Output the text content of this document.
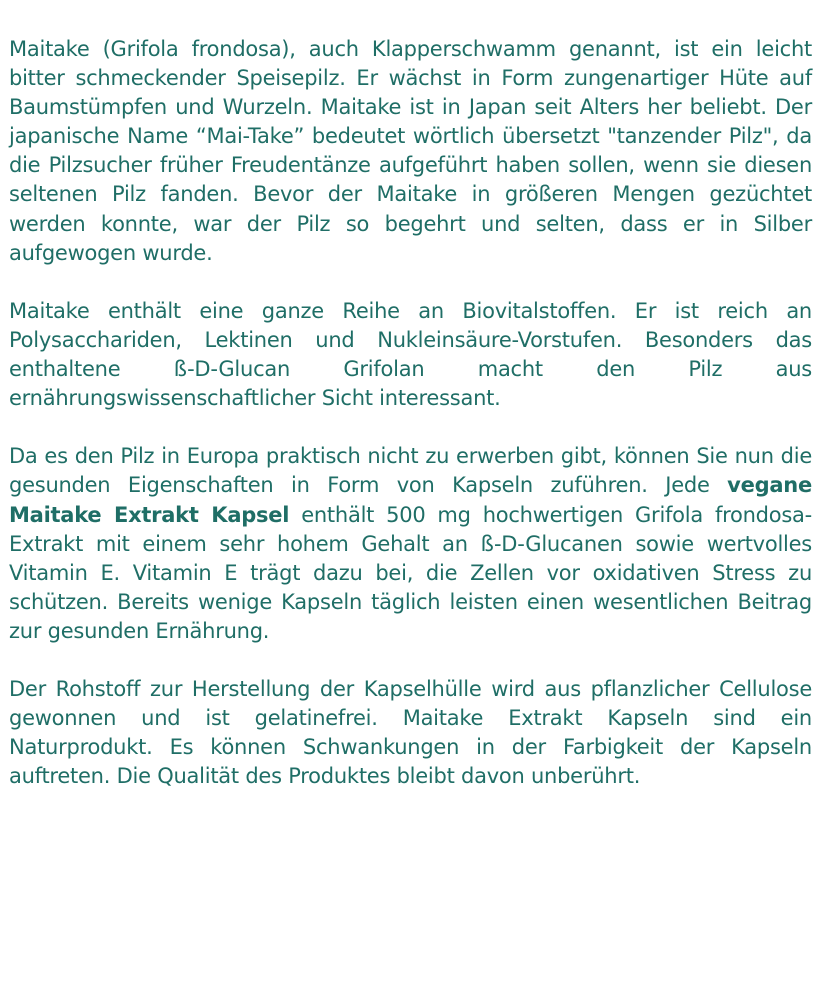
Maitake (Grifola frondosa), auch Klapperschwamm genannt, ist ein leicht bitter schmeckender Speisepilz. Er wächst in Form zungenartiger Hüte auf Baumstümpfen und Wurzeln. Maitake ist in Japan seit Alters her beliebt. Der japanische Name “Mai-Take” bedeutet wörtlich übersetzt "tanzender Pilz", da die Pilzsucher früher Freudentänze aufgeführt haben sollen, wenn sie diesen seltenen Pilz fanden. Bevor der Maitake in größeren Mengen gezüchtet werden konnte, war der Pilz so begehrt und selten, dass er in Silber aufgewogen wurde.

Maitake enthält eine ganze Reihe an Biovitalstoffen. Er ist reich an Polysacchariden, Lektinen und Nukleinsäure-Vorstufen. Besonders das enthaltene ß-D-Glucan Grifolan macht den Pilz aus ernährungswissenschaftlicher Sicht interessant.

Da es den Pilz in Europa praktisch nicht zu erwerben gibt, können Sie nun die gesunden Eigenschaften in Form von Kapseln zuführen. Jede vegane Maitake Extrakt Kapsel enthält 500 mg hochwertigen Grifola frondosa-Extrakt mit einem sehr hohem Gehalt an ß-D-Glucanen sowie wertvolles Vitamin E. Vitamin E trägt dazu bei, die Zellen vor oxidativen Stress zu schützen. Bereits wenige Kapseln täglich leisten einen wesentlichen Beitrag zur gesunden Ernährung.

Der Rohstoff zur Herstellung der Kapselhülle wird aus pflanzlicher Cellulose gewonnen und ist gelatinefrei. Maitake Extrakt Kapseln sind ein Naturprodukt. Es können Schwankungen in der Farbigkeit der Kapseln auftreten. Die Qualität des Produktes bleibt davon unberührt.
